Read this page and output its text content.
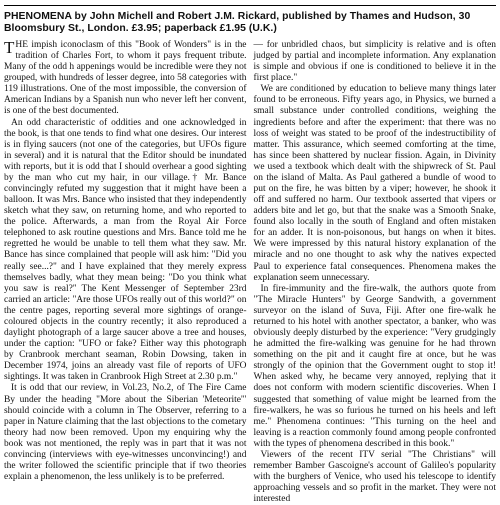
PHENOMENA by John Michell and Robert J.M. Rickard, published by Thames and Hudson, 30 Bloomsbury St., London. £3.95; paperback £1.95 (U.K.)

THE impish iconoclasm of this "Book of Wonders" is in the tradition of Charles Fort, to whom it pays frequent tribute. Many of the odd h appenings would be incredible were they not grouped, with hundreds of lesser degree, into 58 categories with 119 illustrations. One of the most impossible, the conversion of American Indians by a Spanish nun who never left her convent, is one of the best documented.

An odd characteristic of oddities and one acknowledged in the book, is that one tends to find what one desires. Our interest is in flying saucers (not one of the categories, but UFOs figure in several) and it is natural that the Editor should be inundated with reports, but it is odd that I should overhear a good sighting by the man who cut my hair, in our village.† Mr. Bance convincingly refuted my suggestion that it might have been a balloon. It was Mrs. Bance who insisted that they independently sketch what they saw, on returning home, and who reported to the police. Afterwards, a man from the Royal Air Force telephoned to ask routine questions and Mrs. Bance told me he regretted he would be unable to tell them what they saw. Mr. Bance has since complained that people will ask him: "Did you really see...?" and I have explained that they merely express themselves badly, what they mean being: "Do you think what you saw is real?" The Kent Messenger of September 23rd carried an article: "Are those UFOs really out of this world?" on the centre pages, reporting several more sightings of orange-coloured objects in the country recently; it also reproduced a daylight photograph of a large saucer above a tree and houses, under the caption: "UFO or fake? Either way this photograph by Cranbrook merchant seaman, Robin Dowsing, taken in December 1974, joins an already vast file of reports of UFO sightings. It was taken in Cranbrook High Street at 2.30 p.m."

It is odd that our review, in Vol.23, No.2, of The Fire Came By under the heading "More about the Siberian 'Meteorite'" should coincide with a column in The Observer, referring to a paper in Nature claiming that the last objections to the cometary theory had now been removed. Upon my enquiring why the book was not mentioned, the reply was in part that it was not convincing (interviews with eye-witnesses unconvincing!) and the writer followed the scientific principle that if two theories explain a phenomenon, the less unlikely is to be preferred.

— for unbridled chaos, but simplicity is relative and is often judged by partial and incomplete information. Any explanation is simple and obvious if one is conditioned to believe it in the first place."

We are conditioned by education to believe many things later found to be erroneous. Fifty years ago, in Physics, we burned a small substance under controlled conditions, weighing the ingredients before and after the experiment: that there was no loss of weight was stated to be proof of the indestructibility of matter. This assurance, which seemed comforting at the time, has since been shattered by nuclear fission. Again, in Divinity we used a textbook which dealt with the shipwreck of St. Paul on the island of Malta. As Paul gathered a bundle of wood to put on the fire, he was bitten by a viper; however, he shook it off and suffered no harm. Our textbook asserted that vipers or adders bite and let go, but that the snake was a Smooth Snake, found also locally in the south of England and often mistaken for an adder. It is non-poisonous, but hangs on when it bites. We were impressed by this natural history explanation of the miracle and no one thought to ask why the natives expected Paul to experience fatal consequences. Phenomena makes the explanation seem unnecessary.

In fire-immunity and the fire-walk, the authors quote from "The Miracle Hunters" by George Sandwith, a government surveyor on the island of Suva, Fiji. After one fire-walk he returned to his hotel with another spectator, a banker, who was obviously deeply disturbed by the experience: "Very grudgingly he admitted the fire-walking was genuine for he had thrown something on the pit and it caught fire at once, but he was strongly of the opinion that the Government ought to stop it! When asked why, he became very annoyed, replying that it does not conform with modern scientific discoveries. When I suggested that something of value might be learned from the fire-walkers, he was so furious he turned on his heels and left me." Phenomena continues: "This turning on the heel and leaving is a reaction commonly found among people confronted with the types of phenomena described in this book."

Viewers of the recent ITV serial "The Christians" will remember Bamber Gascoigne's account of Galileo's popularity with the burghers of Venice, who used his telescope to identify approaching vessels and so profit in the market. They were not interested
